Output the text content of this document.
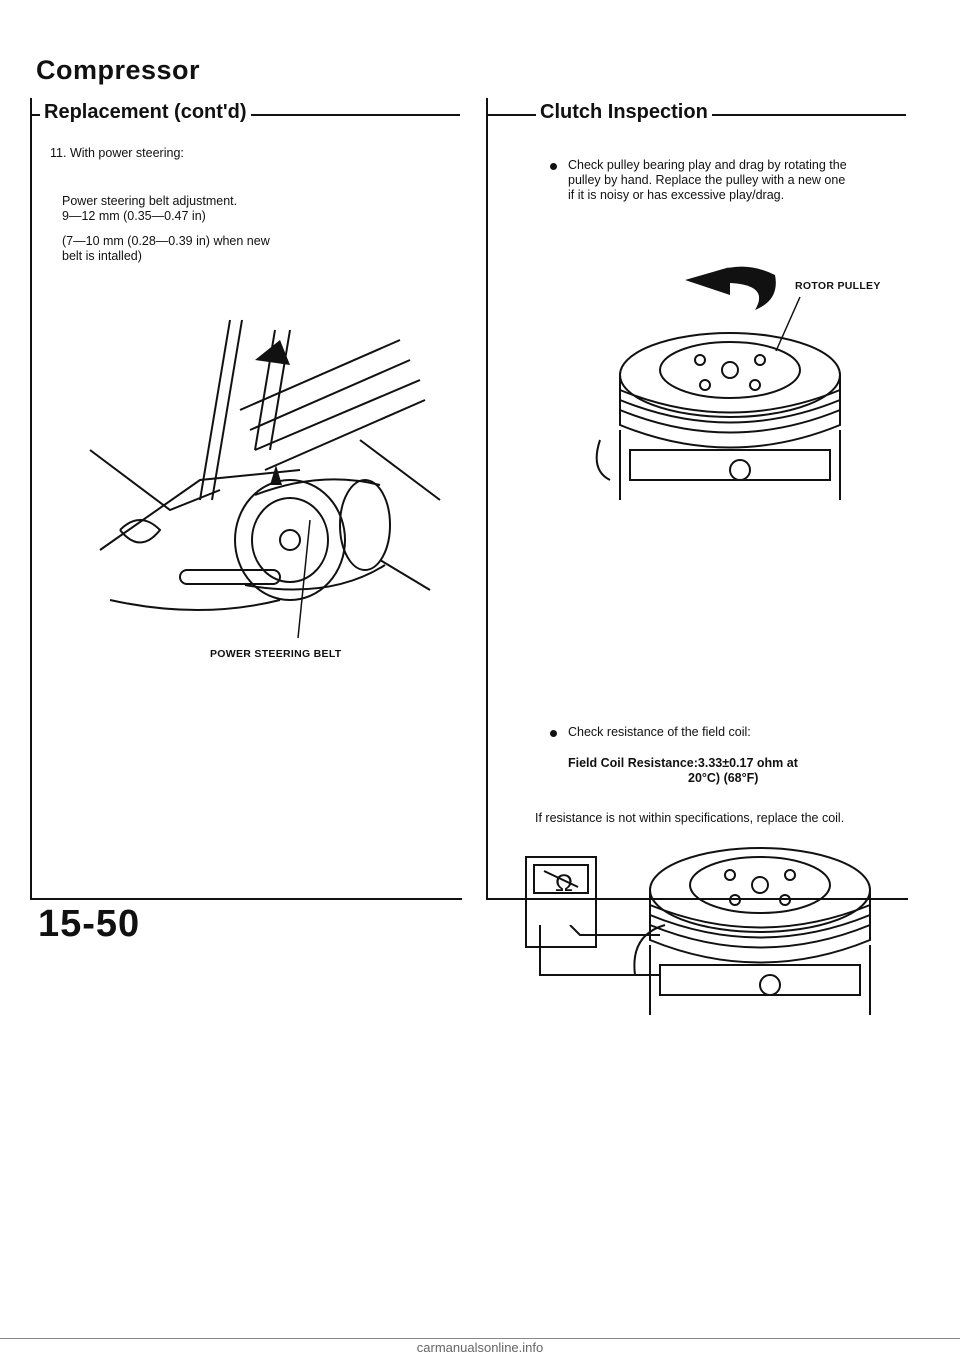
Compressor
Replacement (cont'd)
11. With power steering:
Power steering belt adjustment.
9—12 mm (0.35—0.47 in)
(7—10 mm (0.28—0.39 in) when new
belt is intalled)
POWER STEERING BELT
Clutch Inspection
Check pulley bearing play and drag by rotating the
pulley by hand. Replace the pulley with a new one
if it is noisy or has excessive play/drag.
ROTOR PULLEY
Check resistance of the field coil:
Field Coil Resistance:3.33±0.17 ohm at
20°C) (68°F)
If resistance is not within specifications, replace the coil.
Ω
15-50
carmanualsonline.info
